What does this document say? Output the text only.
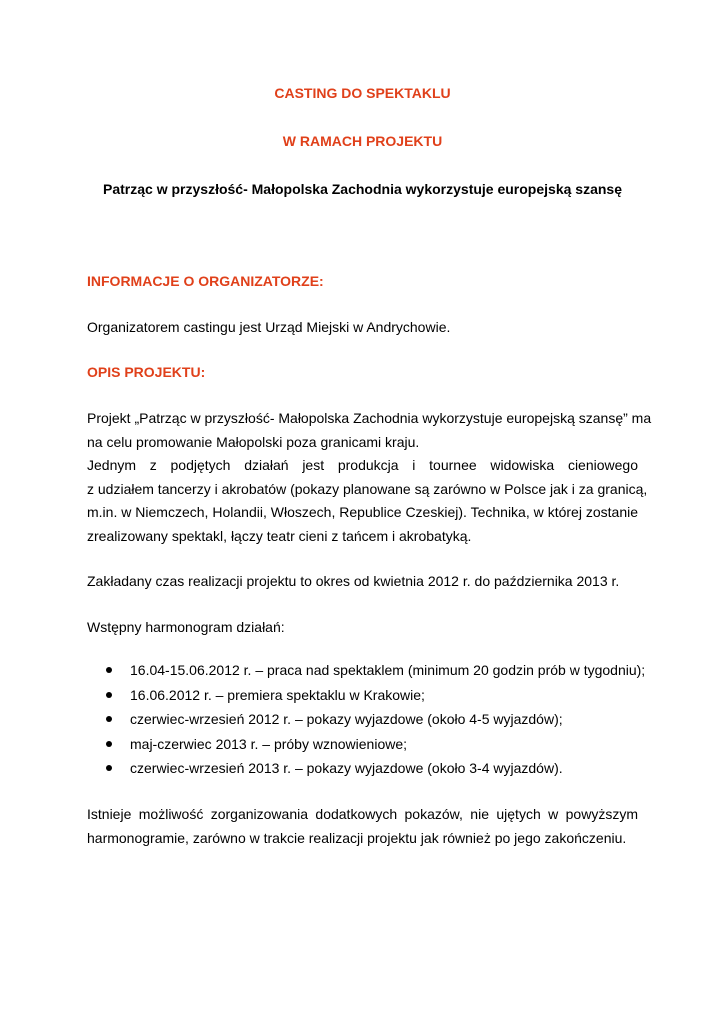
CASTING DO SPEKTAKLU
W RAMACH PROJEKTU
Patrząc w przyszłość- Małopolska Zachodnia wykorzystuje europejską szansę
INFORMACJE O ORGANIZATORZE:
Organizatorem castingu jest Urząd Miejski w Andrychowie.
OPIS PROJEKTU:
Projekt „Patrząc w przyszłość- Małopolska Zachodnia wykorzystuje europejską szansę” ma
na celu promowanie Małopolski poza granicami kraju.
Jednym z podjętych działań jest produkcja i tournee widowiska cieniowego
z udziałem tancerzy i akrobatów (pokazy planowane są zarówno w Polsce jak i za granicą,
m.in. w Niemczech, Holandii, Włoszech, Republice Czeskiej). Technika, w której zostanie
zrealizowany spektakl, łączy teatr cieni z tańcem i akrobatyką.
Zakładany czas realizacji projektu to okres od kwietnia 2012 r. do października 2013 r.
Wstępny harmonogram działań:
16.04-15.06.2012 r. – praca nad spektaklem (minimum 20 godzin prób w tygodniu);
16.06.2012 r. – premiera spektaklu w Krakowie;
czerwiec-wrzesień 2012 r. – pokazy wyjazdowe (około 4-5 wyjazdów);
maj-czerwiec 2013 r. – próby wznowieniowe;
czerwiec-wrzesień 2013 r. – pokazy wyjazdowe (około 3-4 wyjazdów).
Istnieje możliwość zorganizowania dodatkowych pokazów, nie ujętych w powyższym
harmonogramie, zarówno w trakcie realizacji projektu jak również po jego zakończeniu.
